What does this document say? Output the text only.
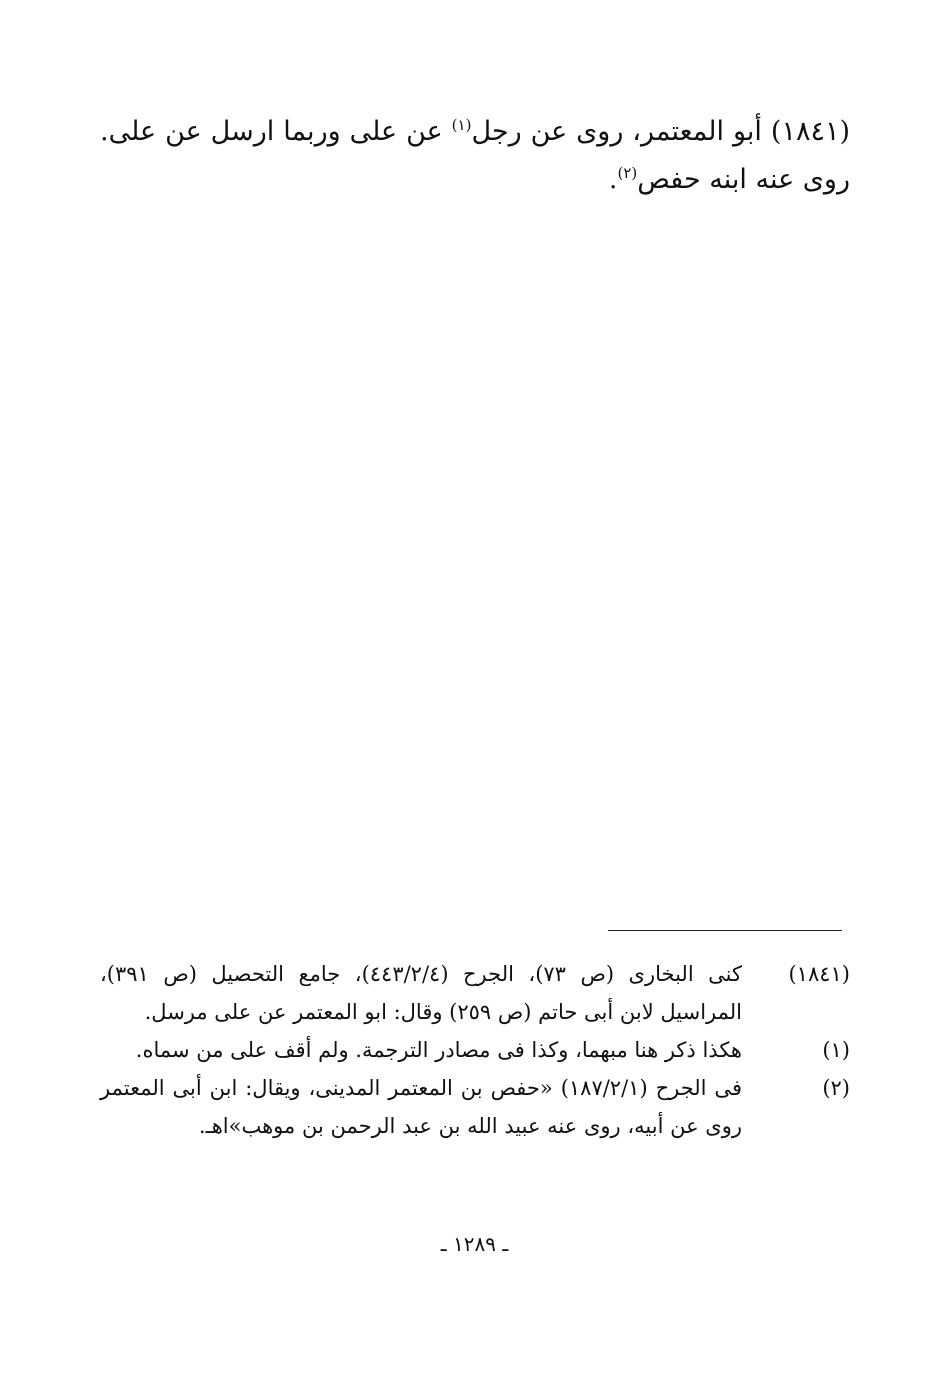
(١٨٤١) أبو المعتمر، روى عن رجل$^{(١)}$ عن على وربما ارسل عن على. روى عنه ابنه حفص$^{(٢)}$.

(١٨٤١)
كنى البخارى (ص ٧٣)، الجرح (٤٤٣/٢/٤)، جامع التحصيل (ص ٣٩١)، المراسيل لابن أبى حاتم (ص ٢٥٩) وقال: ابو المعتمر عن على مرسل.
(١)
هكذا ذكر هنا مبهما، وكذا فى مصادر الترجمة. ولم أقف على من سماه.
(٢)
فى الجرح (١٨٧/٢/١) «حفص بن المعتمر المدينى، ويقال: ابن أبى المعتمر روى عن أبيه، روى عنه عبيد الله بن عبد الرحمن بن موهب»اهـ.
ـ ١٢٨٩ ـ
